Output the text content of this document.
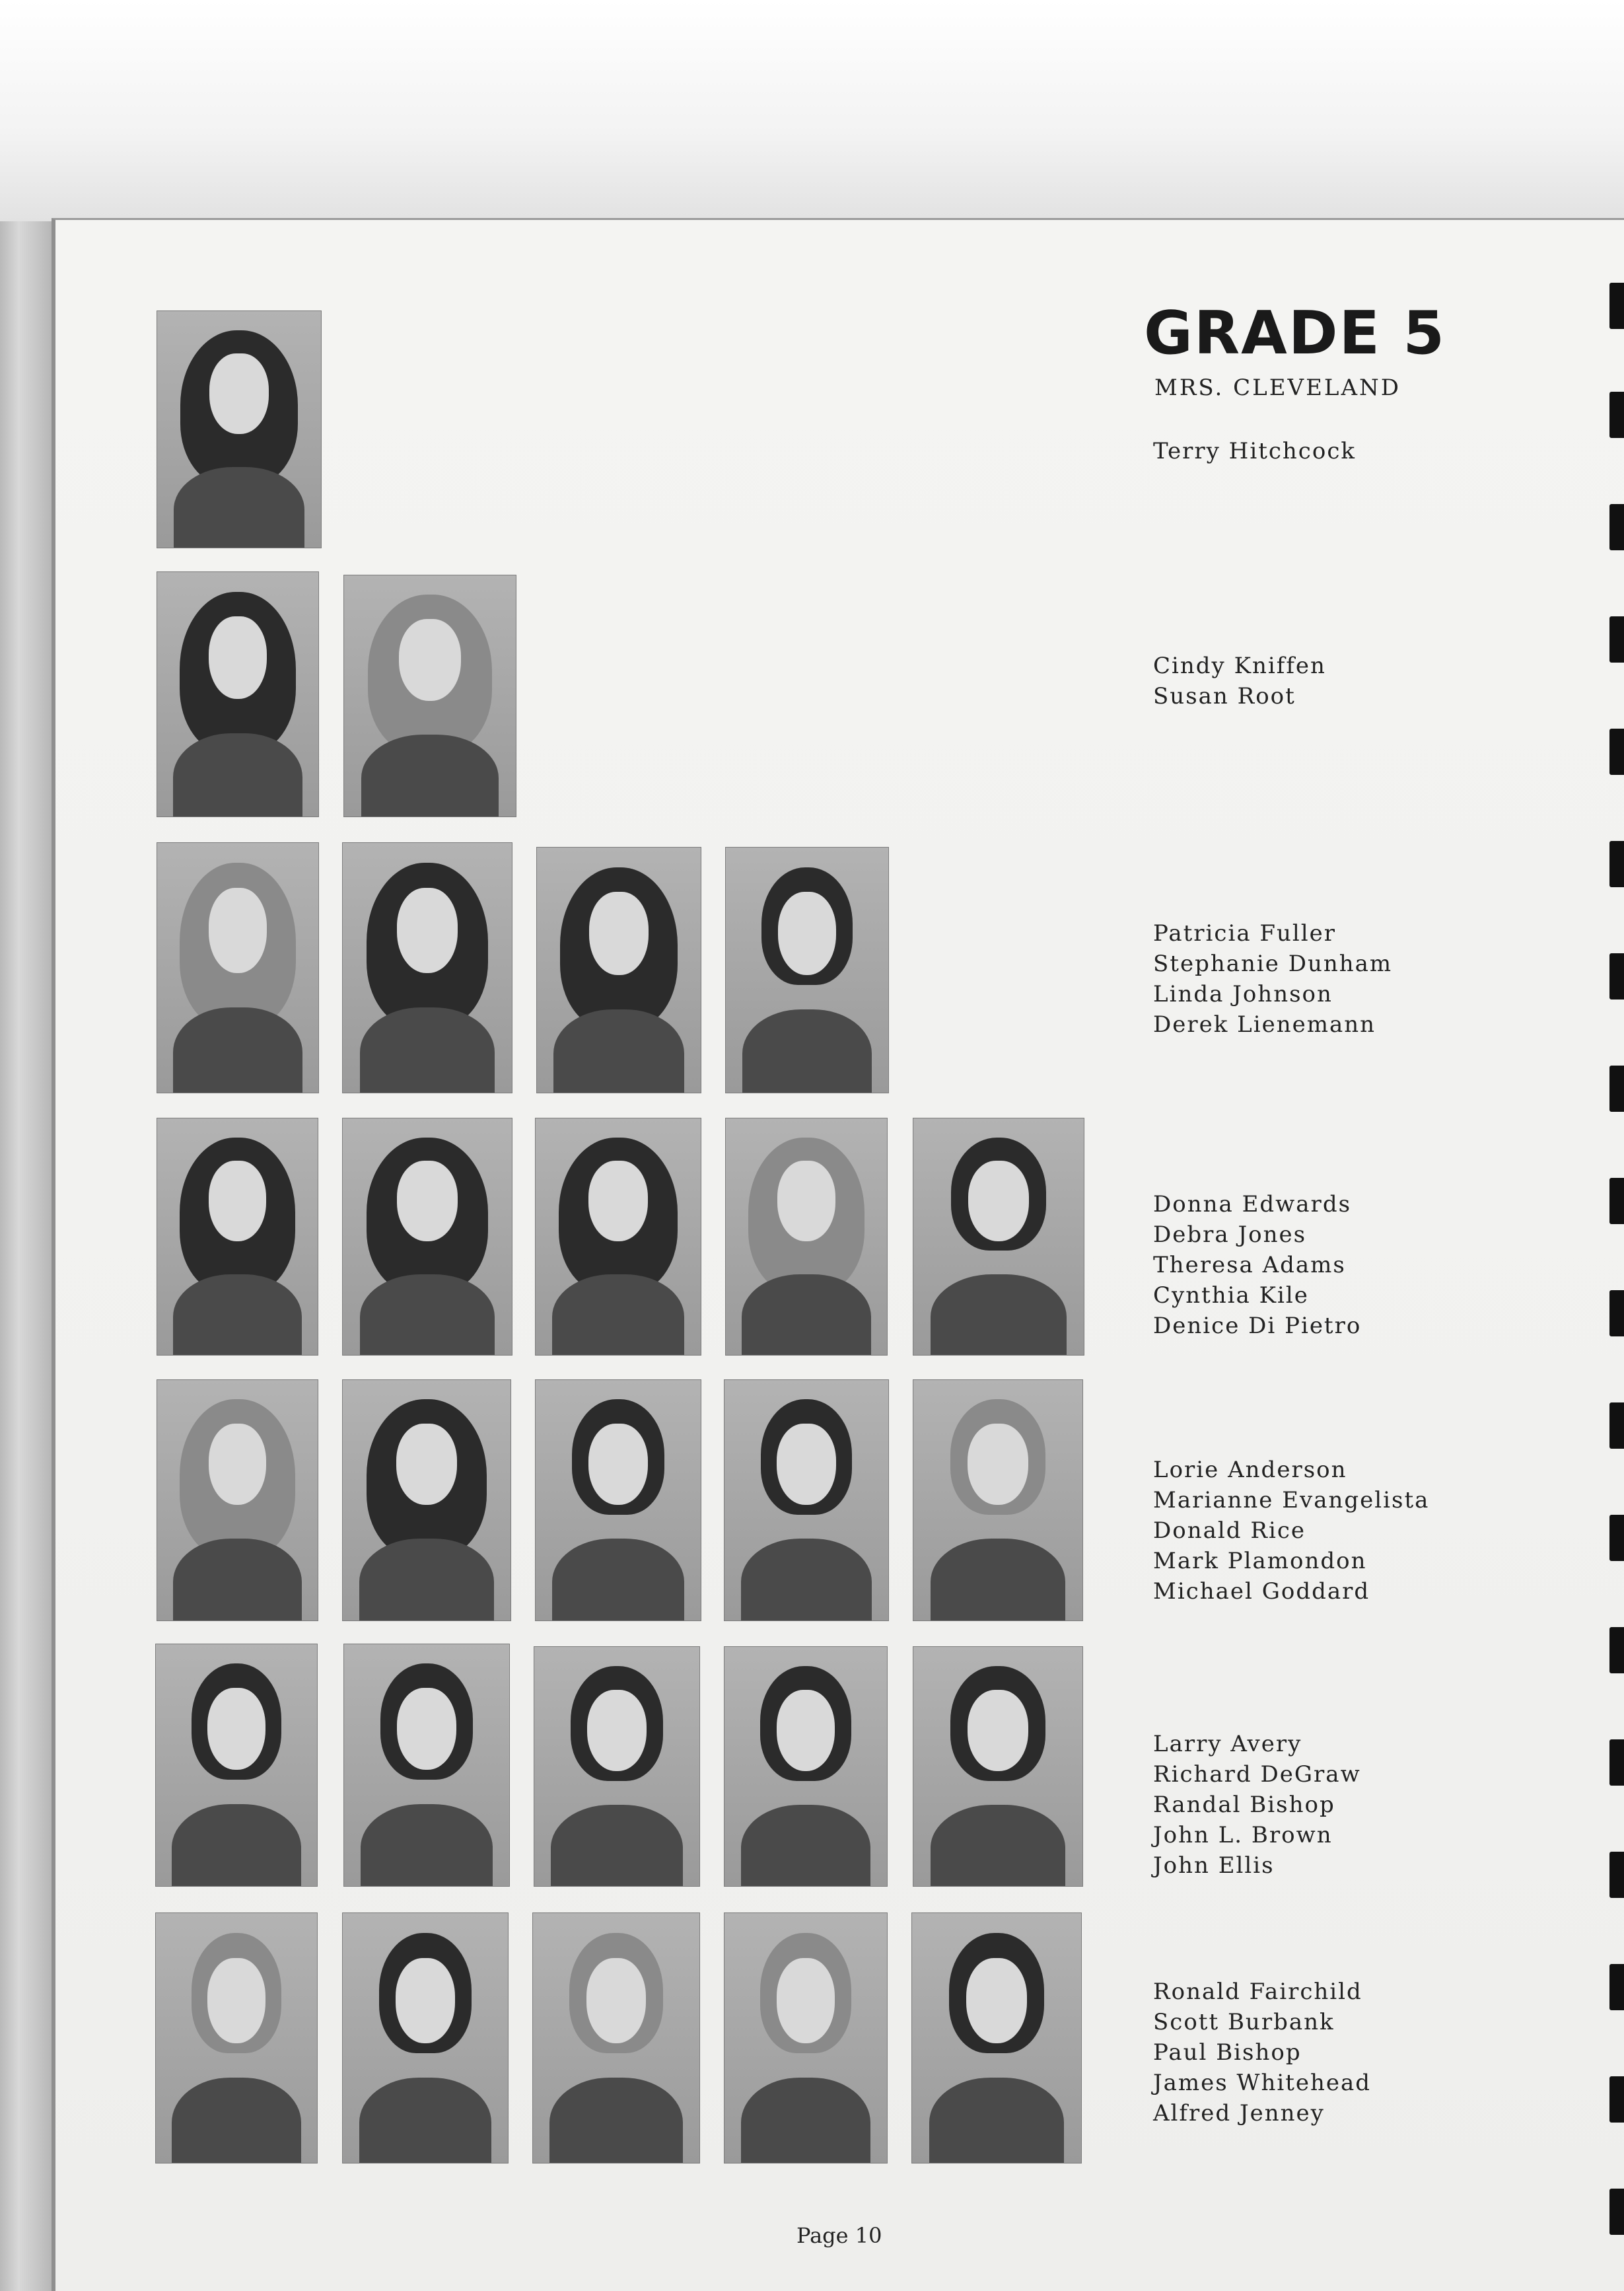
GRADE 5
MRS. CLEVELAND
Terry Hitchcock
Cindy Kniffen
Susan Root
Patricia Fuller
Stephanie Dunham
Linda Johnson
Derek Lienemann
Donna Edwards
Debra Jones
Theresa Adams
Cynthia Kile
Denice Di Pietro
Lorie Anderson
Marianne Evangelista
Donald Rice
Mark Plamondon
Michael Goddard
Larry Avery
Richard DeGraw
Randal Bishop
John L. Brown
John Ellis
Ronald Fairchild
Scott Burbank
Paul Bishop
James Whitehead
Alfred Jenney
Page 10
